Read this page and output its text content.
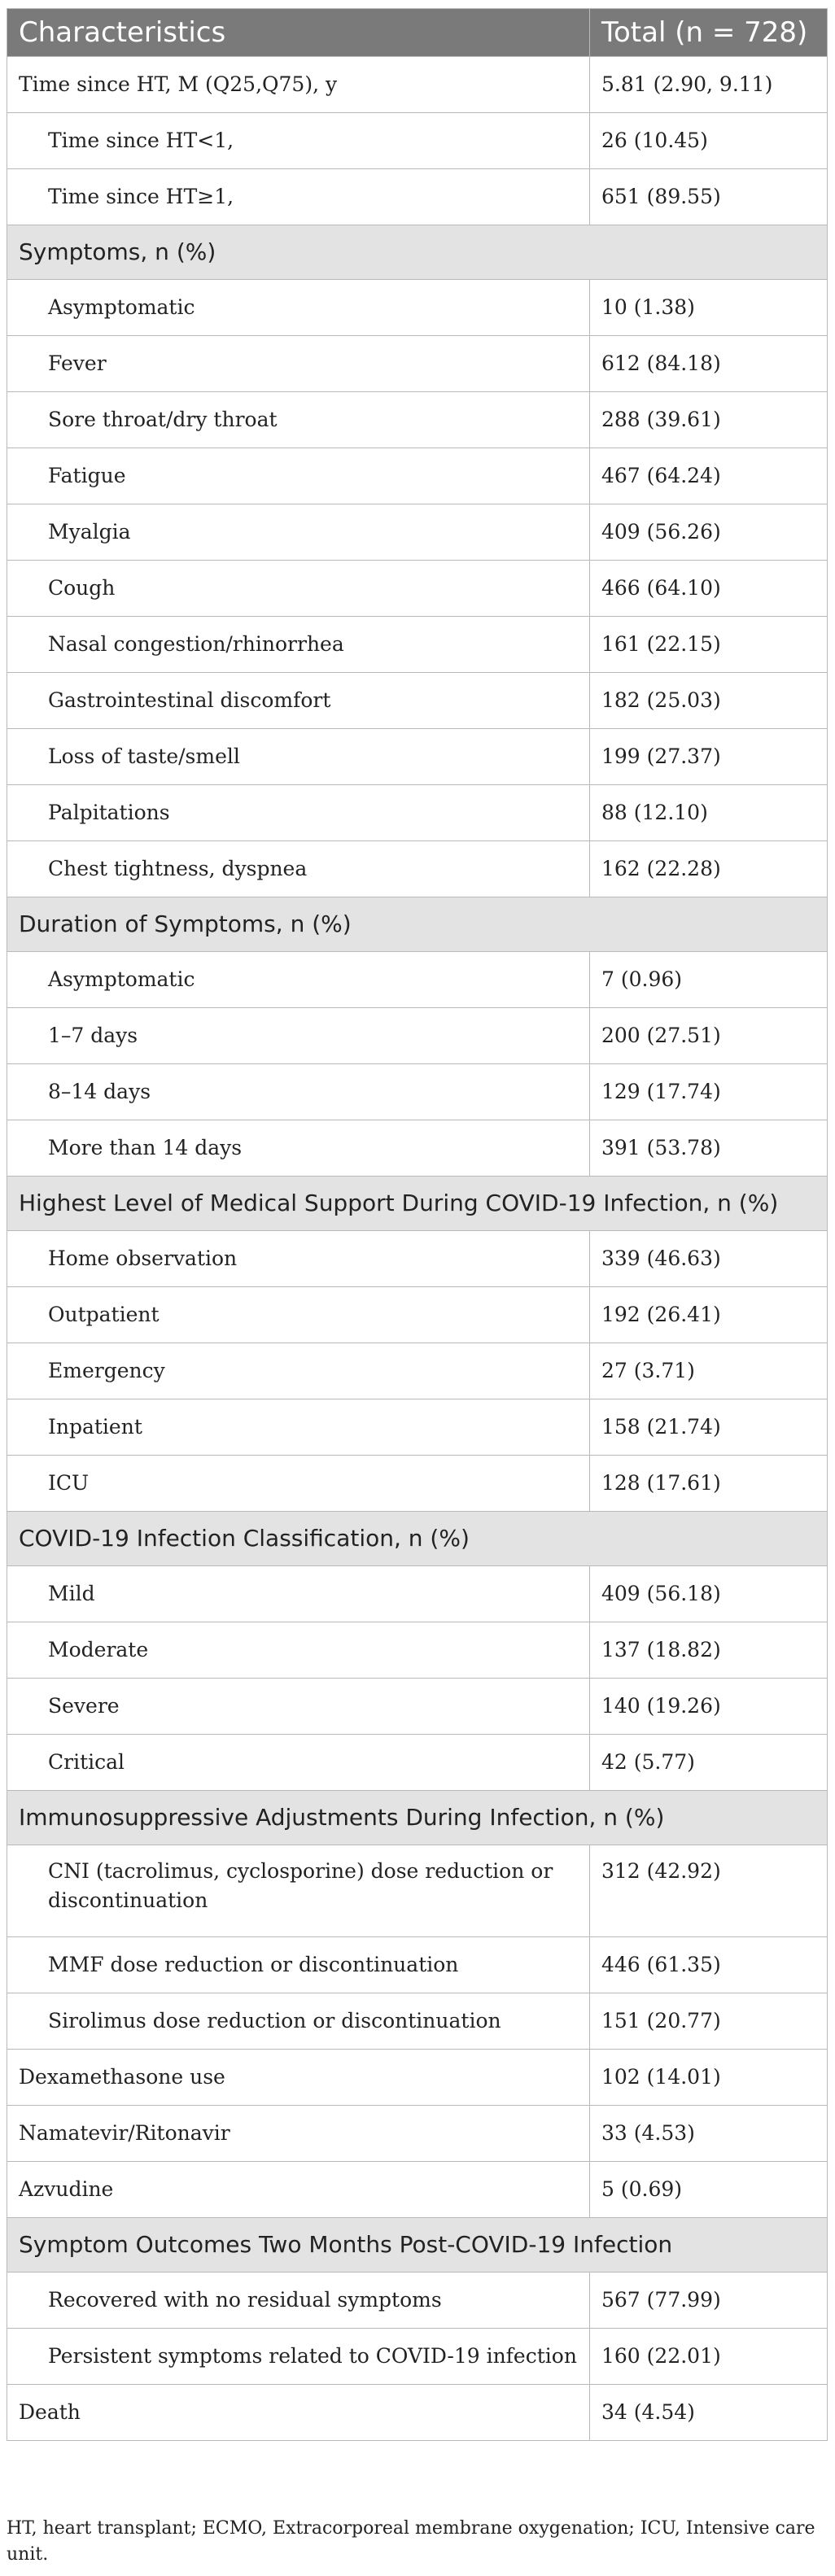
Characteristics	Total (n = 728)
Time since HT, M (Q25,Q75), y	5.81 (2.90, 9.11)
Time since HT<1,	26 (10.45)
Time since HT≥1,	651 (89.55)
Symptoms, n (%)	
Asymptomatic	10 (1.38)
Fever	612 (84.18)
Sore throat/dry throat	288 (39.61)
Fatigue	467 (64.24)
Myalgia	409 (56.26)
Cough	466 (64.10)
Nasal congestion/rhinorrhea	161 (22.15)
Gastrointestinal discomfort	182 (25.03)
Loss of taste/smell	199 (27.37)
Palpitations	88 (12.10)
Chest tightness, dyspnea	162 (22.28)
Duration of Symptoms, n (%)	
Asymptomatic	7 (0.96)
1–7 days	200 (27.51)
8–14 days	129 (17.74)
More than 14 days	391 (53.78)
Highest Level of Medical Support During COVID-19 Infection, n (%)	
Home observation	339 (46.63)
Outpatient	192 (26.41)
Emergency	27 (3.71)
Inpatient	158 (21.74)
ICU	128 (17.61)
COVID-19 Infection Classification, n (%)	
Mild	409 (56.18)
Moderate	137 (18.82)
Severe	140 (19.26)
Critical	42 (5.77)
Immunosuppressive Adjustments During Infection, n (%)	
CNI (tacrolimus, cyclosporine) dose reduction or discontinuation	312 (42.92)
MMF dose reduction or discontinuation	446 (61.35)
Sirolimus dose reduction or discontinuation	151 (20.77)
Dexamethasone use	102 (14.01)
Namatevir/Ritonavir	33 (4.53)
Azvudine	5 (0.69)
Symptom Outcomes Two Months Post-COVID-19 Infection	
Recovered with no residual symptoms	567 (77.99)
Persistent symptoms related to COVID-19 infection	160 (22.01)
Death	34 (4.54)
HT, heart transplant; ECMO, Extracorporeal membrane oxygenation; ICU, Intensive care unit.
